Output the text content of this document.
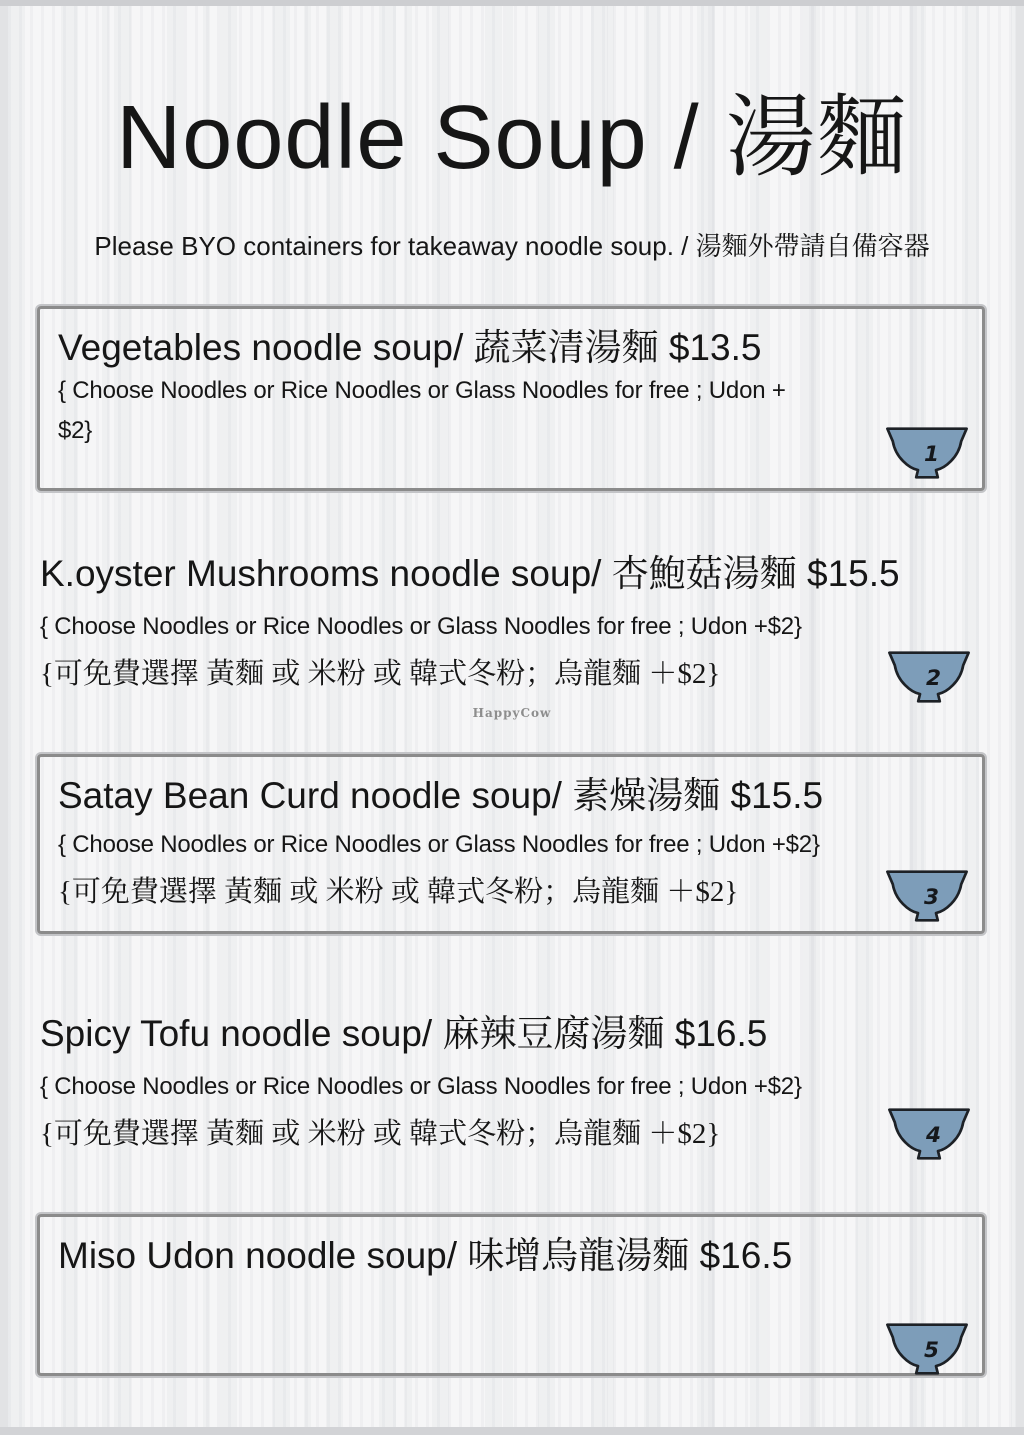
Noodle Soup / 湯麵
Please BYO containers for takeaway noodle soup. / 湯麵外帶請自備容器
Vegetables noodle soup/ 蔬菜清湯麵 $13.5
{ Choose Noodles or Rice Noodles or Glass Noodles for free ; Udon +
$2}
1
K.oyster Mushrooms noodle soup/ 杏鮑菇湯麵 $15.5
{ Choose Noodles or Rice Noodles or Glass Noodles for free ; Udon +$2}
{可免費選擇 黃麵 或 米粉 或 韓式冬粉；烏龍麵 ＋$2}	2
HappyCow
Satay Bean Curd noodle soup/ 素燥湯麵 $15.5
{ Choose Noodles or Rice Noodles or Glass Noodles for free ; Udon +$2}
{可免費選擇 黃麵 或 米粉 或 韓式冬粉；烏龍麵 ＋$2}	3
Spicy Tofu noodle soup/ 麻辣豆腐湯麵 $16.5
{ Choose Noodles or Rice Noodles or Glass Noodles for free ; Udon +$2}
{可免費選擇 黃麵 或 米粉 或 韓式冬粉；烏龍麵 ＋$2}	4
Miso Udon noodle soup/ 味增烏龍湯麵 $16.5
5
